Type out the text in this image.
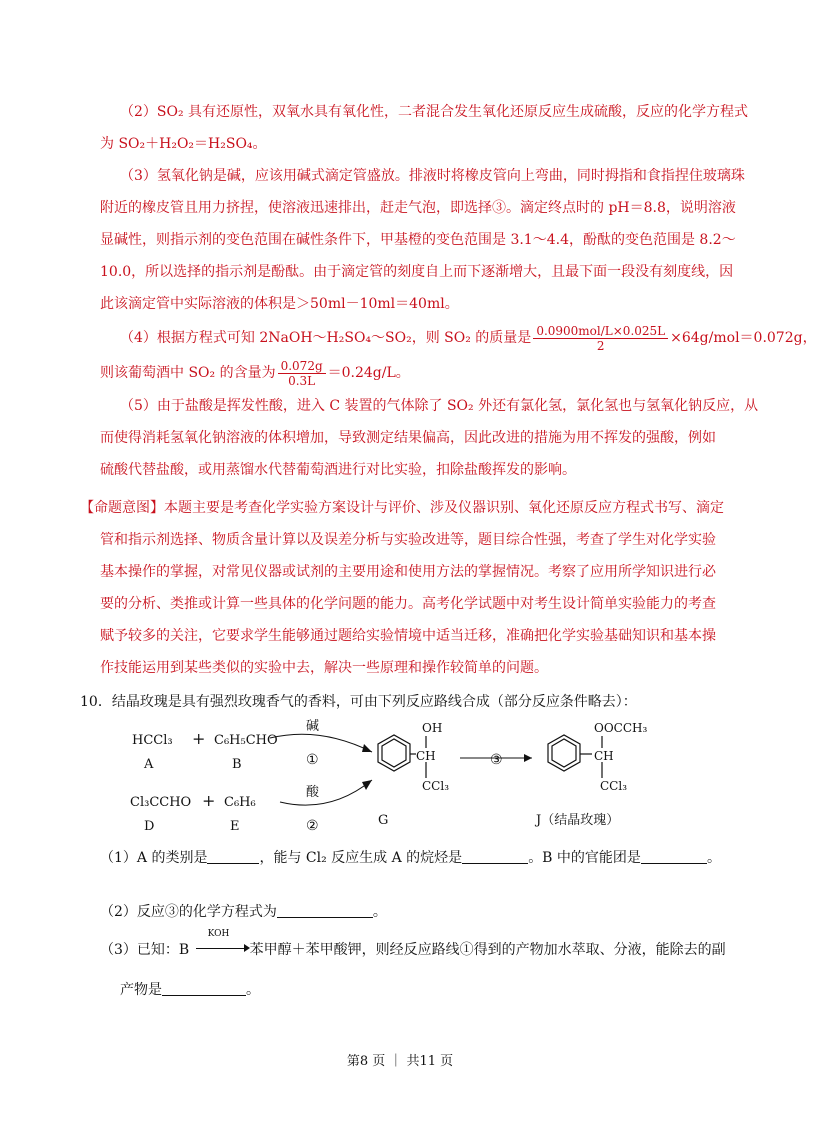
（2）SO₂ 具有还原性，双氧水具有氧化性，二者混合发生氧化还原反应生成硫酸，反应的化学方程式
为 SO₂＋H₂O₂＝H₂SO₄。
（3）氢氧化钠是碱，应该用碱式滴定管盛放。排液时将橡皮管向上弯曲，同时拇指和食指捏住玻璃珠
附近的橡皮管且用力挤捏，使溶液迅速排出，赶走气泡，即选择③。滴定终点时的 pH＝8.8，说明溶液
显碱性，则指示剂的变色范围在碱性条件下，甲基橙的变色范围是 3.1～4.4，酚酞的变色范围是 8.2～
10.0，所以选择的指示剂是酚酞。由于滴定管的刻度自上而下逐渐增大，且最下面一段没有刻度线，因
此该滴定管中实际溶液的体积是＞50ml－10ml＝40ml。
（4）根据方程式可知 2NaOH～H₂SO₄～SO₂，则 SO₂ 的质量是 $\frac{\text{0.0900mol/L×0.025L}}{2} \times 64g/mol=0.072g$，
则该葡萄酒中 SO₂ 的含量为 $\frac{0.072g}{0.3L} =0.24g/L$。
（5）由于盐酸是挥发性酸，进入 C 装置的气体除了 SO₂ 外还有氯化氢，氯化氢也与氢氧化钠反应，从
而使得消耗氢氧化钠溶液的体积增加，导致测定结果偏高，因此改进的措施为用不挥发的强酸，例如
硫酸代替盐酸，或用蒸馏水代替葡萄酒进行对比实验，扣除盐酸挥发的影响。
【命题意图】本题主要是考查化学实验方案设计与评价、涉及仪器识别、氧化还原反应方程式书写、滴定
管和指示剂选择、物质含量计算以及误差分析与实验改进等，题目综合性强，考查了学生对化学实验
基本操作的掌握，对常见仪器或试剂的主要用途和使用方法的掌握情况。考察了应用所学知识进行必
要的分析、类推或计算一些具体的化学问题的能力。高考化学试题中对考生设计简单实验能力的考查
赋予较多的关注，它要求学生能够通过题给实验情境中适当迁移，准确把化学实验基础知识和基本操
作技能运用到某些类似的实验中去，解决一些原理和操作较简单的问题。
10．结晶玫瑰是具有强烈玫瑰香气的香料，可由下列反应路线合成（部分反应条件略去）：
HCCl₃
A
+ C₆H₅CHO
B
Cl₃CCHO
D
+ C₆H₆
E
碱
①
酸
②
OH
CH
CCl₃
G
③
OOCCH₃
CH
CCl₃
J（结晶玫瑰）
（1）A 的类别是	，能与 Cl₂ 反应生成 A 的烷烃是	。B 中的官能团是	。
（2）反应③的化学方程式为	。
（3）已知：B
KOH
苯甲醇＋苯甲酸钾，则经反应路线①得到的产物加水萃取、分液，能除去的副
产物是	。
第8 页 ｜ 共11 页
